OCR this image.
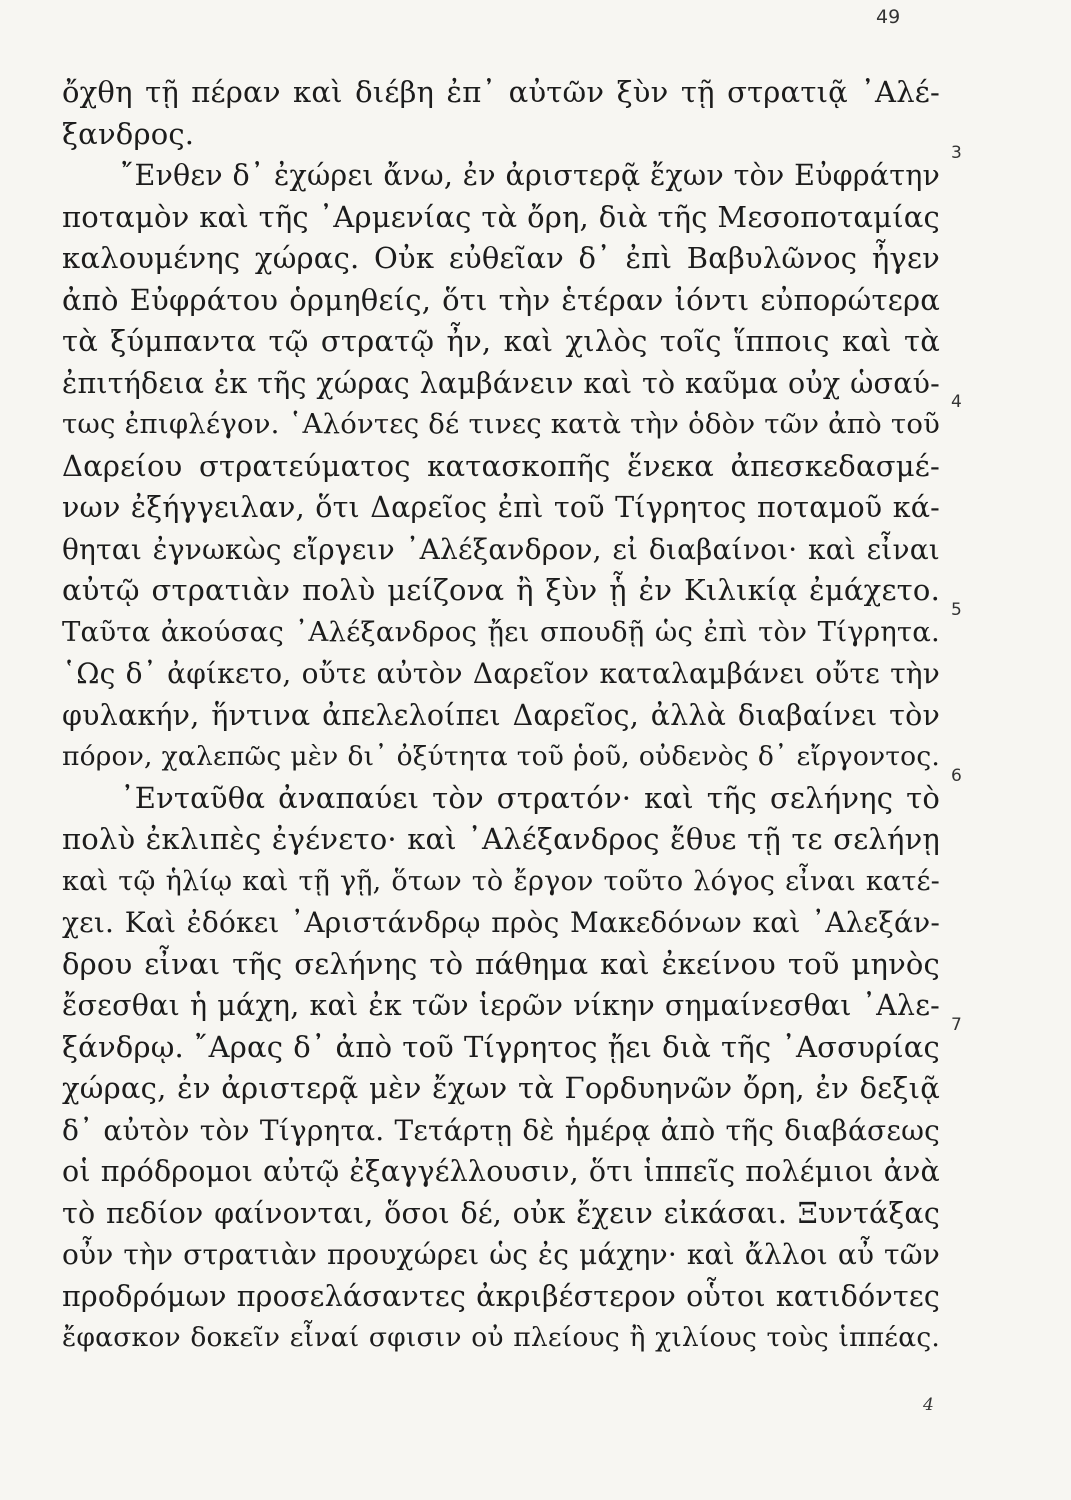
49
ὄχθη τῇ πέραν καὶ διέβη ἐπ᾽ αὐτῶν ξὺν τῇ στρατιᾷ ᾽Αλέ-
ξανδρος.
῎Ενθεν δ᾽ ἐχώρει ἄνω, ἐν ἀριστερᾷ ἔχων τὸν Εὐφράτην
3
ποταμὸν καὶ τῆς ᾽Αρμενίας τὰ ὄρη, διὰ τῆς Μεσοποταμίας
καλουμένης χώρας. Οὐκ εὐθεῖαν δ᾽ ἐπὶ Βαβυλῶνος ἦγεν
ἀπὸ Εὐφράτου ὁρμηθείς, ὅτι τὴν ἑτέραν ἰόντι εὐπορώτερα
τὰ ξύμπαντα τῷ στρατῷ ἦν, καὶ χιλὸς τοῖς ἵπποις καὶ τὰ
ἐπιτήδεια ἐκ τῆς χώρας λαμβάνειν καὶ τὸ καῦμα οὐχ ὡσαύ-
τως ἐπιφλέγον. ῾Αλόντες δέ τινες κατὰ τὴν ὁδὸν τῶν ἀπὸ τοῦ
4
Δαρείου στρατεύματος κατασκοπῆς ἕνεκα ἀπεσκεδασμέ-
νων ἐξήγγειλαν, ὅτι Δαρεῖος ἐπὶ τοῦ Τίγρητος ποταμοῦ κά-
θηται ἐγνωκὼς εἴργειν ᾽Αλέξανδρον, εἰ διαβαίνοι· καὶ εἶναι
αὐτῷ στρατιὰν πολὺ μείζονα ἢ ξὺν ᾗ ἐν Κιλικίᾳ ἐμάχετο.
Ταῦτα ἀκούσας ᾽Αλέξανδρος ᾔει σπουδῇ ὡς ἐπὶ τὸν Τίγρητα.
5
῾Ως δ᾽ ἀφίκετο, οὔτε αὐτὸν Δαρεῖον καταλαμβάνει οὔτε τὴν
φυλακήν, ἥντινα ἀπελελοίπει Δαρεῖος, ἀλλὰ διαβαίνει τὸν
πόρον, χαλεπῶς μὲν δι᾽ ὀξύτητα τοῦ ῥοῦ, οὐδενὸς δ᾽ εἴργοντος.
᾽Ενταῦθα ἀναπαύει τὸν στρατόν· καὶ τῆς σελήνης τὸ
6
πολὺ ἐκλιπὲς ἐγένετο· καὶ ᾽Αλέξανδρος ἔθυε τῇ τε σελήνῃ
καὶ τῷ ἡλίῳ καὶ τῇ γῇ, ὅτων τὸ ἔργον τοῦτο λόγος εἶναι κατέ-
χει. Καὶ ἐδόκει ᾽Αριστάνδρῳ πρὸς Μακεδόνων καὶ ᾽Αλεξάν-
δρου εἶναι τῆς σελήνης τὸ πάθημα καὶ ἐκείνου τοῦ μηνὸς
ἔσεσθαι ἡ μάχη, καὶ ἐκ τῶν ἱερῶν νίκην σημαίνεσθαι ᾽Αλε-
ξάνδρῳ. ῎Αρας δ᾽ ἀπὸ τοῦ Τίγρητος ᾔει διὰ τῆς ᾽Ασσυρίας
7
χώρας, ἐν ἀριστερᾷ μὲν ἔχων τὰ Γορδυηνῶν ὄρη, ἐν δεξιᾷ
δ᾽ αὐτὸν τὸν Τίγρητα. Τετάρτῃ δὲ ἡμέρᾳ ἀπὸ τῆς διαβάσεως
οἱ πρόδρομοι αὐτῷ ἐξαγγέλλουσιν, ὅτι ἱππεῖς πολέμιοι ἀνὰ
τὸ πεδίον φαίνονται, ὅσοι δέ, οὐκ ἔχειν εἰκάσαι. Ξυντάξας
οὖν τὴν στρατιὰν προυχώρει ὡς ἐς μάχην· καὶ ἄλλοι αὖ τῶν
προδρόμων προσελάσαντες ἀκριβέστερον οὗτοι κατιδόντες
ἔφασκον δοκεῖν εἶναί σφισιν οὐ πλείους ἢ χιλίους τοὺς ἱππέας.
4
